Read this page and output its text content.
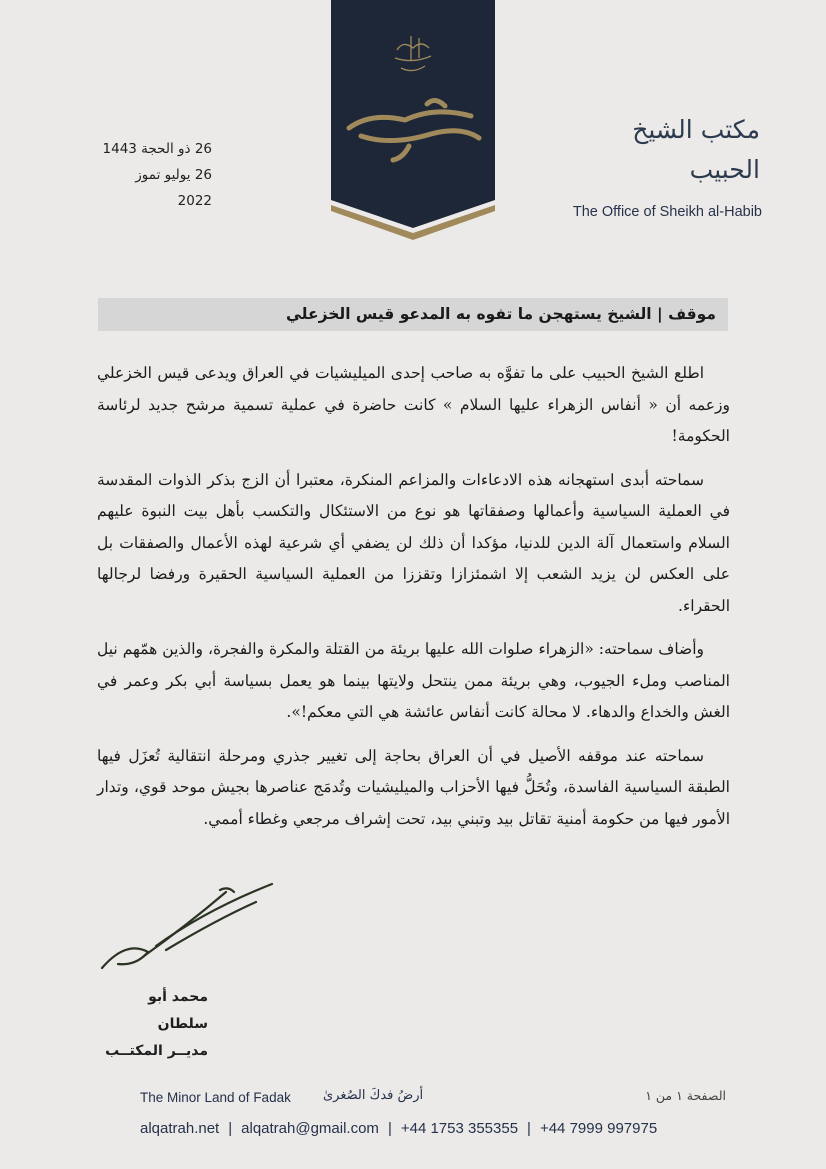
26 ذو الحجة 1443
26 يوليو تموز 2022
مكتب الشيخ الحبيب
The Office of Sheikh al-Habib
موقف | الشيخ يستهجن ما تفوه به المدعو قيس الخزعلي

اطلع الشيخ الحبيب على ما تفوَّه به صاحب إحدى الميليشيات في العراق ويدعى قيس الخزعلي وزعمه أن « أنفاس الزهراء عليها السلام » كانت حاضرة في عملية تسمية مرشح جديد لرئاسة الحكومة!

سماحته أبدى استهجانه هذه الادعاءات والمزاعم المنكرة، معتبرا أن الزج بذكر الذوات المقدسة في العملية السياسية وأعمالها وصفقاتها هو نوع من الاستئكال والتكسب بأهل بيت النبوة عليهم السلام واستعمال آلة الدين للدنيا، مؤكدا أن ذلك لن يضفي أي شرعية لهذه الأعمال والصفقات بل على العكس لن يزيد الشعب إلا اشمئزازا وتقززا من العملية السياسية الحقيرة ورفضا لرجالها الحقراء.

وأضاف سماحته: «الزهراء صلوات الله عليها بريئة من القتلة والمكرة والفجرة، والذين همّهم نيل المناصب وملء الجيوب، وهي بريئة ممن ينتحل ولايتها بينما هو يعمل بسياسة أبي بكر وعمر في الغش والخداع والدهاء. لا محالة كانت أنفاس عائشة هي التي معكم!».

سماحته عند موقفه الأصيل في أن العراق بحاجة إلى تغيير جذري ومرحلة انتقالية تُعزَل فيها الطبقة السياسية الفاسدة، وتُحَلُّ فيها الأحزاب والميليشيات وتُدمَج عناصرها بجيش موحد قوي، وتدار الأمور فيها من حكومة أمنية تقاتل بيد وتبني بيد، تحت إشراف مرجعي وغطاء أممي.

محمد أبو سلطان
مديــر المكتــب
The Minor Land of Fadak أرضُ فدكَ الصُغرىٰ	الصفحة ١ من ١
alqatrah.net | alqatrah@gmail.com | +44 1753 355355 | +44 7999 997975
